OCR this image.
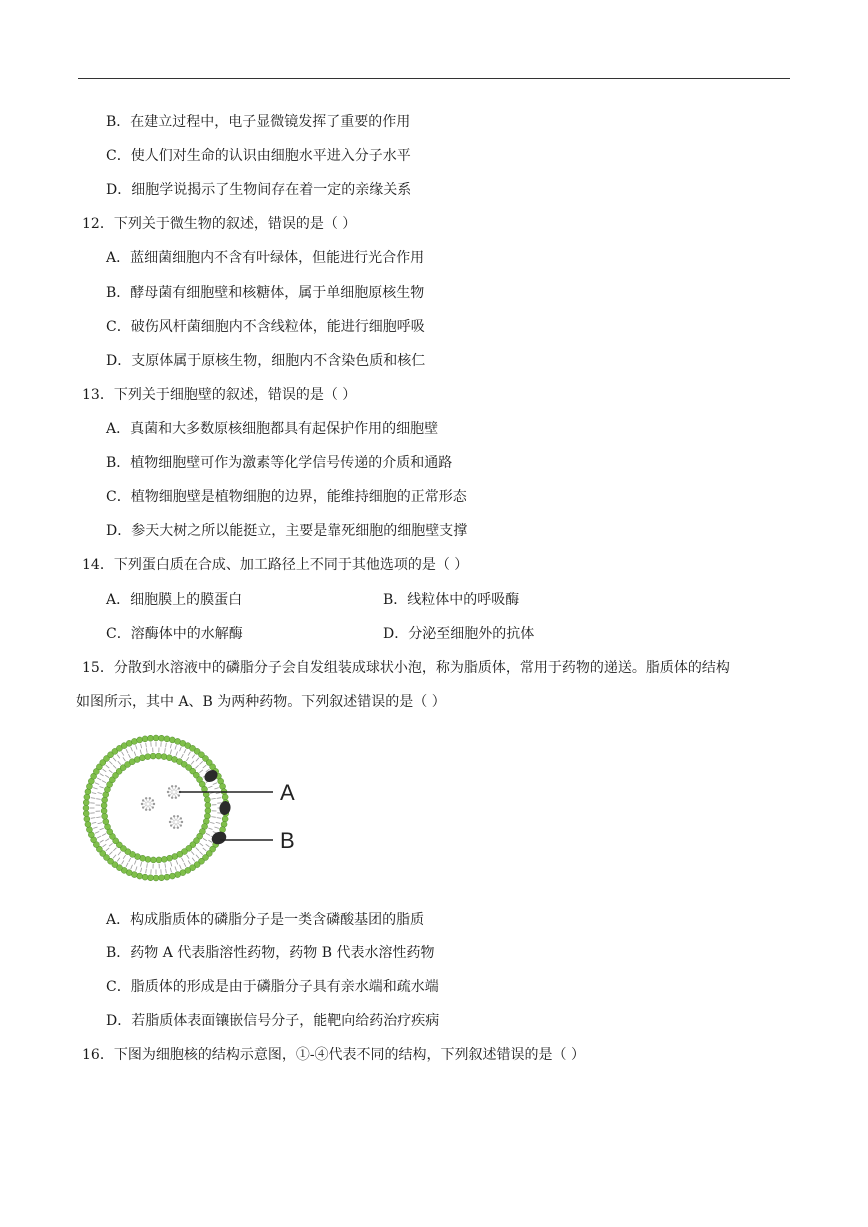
B．在建立过程中，电子显微镜发挥了重要的作用
C．使人们对生命的认识由细胞水平进入分子水平
D．细胞学说揭示了生物间存在着一定的亲缘关系
12．下列关于微生物的叙述，错误的是（ ）
A．蓝细菌细胞内不含有叶绿体，但能进行光合作用
B．酵母菌有细胞壁和核糖体，属于单细胞原核生物
C．破伤风杆菌细胞内不含线粒体，能进行细胞呼吸
D．支原体属于原核生物，细胞内不含染色质和核仁
13．下列关于细胞壁的叙述，错误的是（ ）
A．真菌和大多数原核细胞都具有起保护作用的细胞壁
B．植物细胞壁可作为激素等化学信号传递的介质和通路
C．植物细胞壁是植物细胞的边界，能维持细胞的正常形态
D．参天大树之所以能挺立，主要是靠死细胞的细胞壁支撑
14．下列蛋白质在合成、加工路径上不同于其他选项的是（ ）
A．细胞膜上的膜蛋白	B．线粒体中的呼吸酶
C．溶酶体中的水解酶	D．分泌至细胞外的抗体
15．分散到水溶液中的磷脂分子会自发组装成球状小泡，称为脂质体，常用于药物的递送。脂质体的结构
如图所示，其中 A、B 为两种药物。下列叙述错误的是（ ）
A
B
A．构成脂质体的磷脂分子是一类含磷酸基团的脂质
B．药物 A 代表脂溶性药物，药物 B 代表水溶性药物
C．脂质体的形成是由于磷脂分子具有亲水端和疏水端
D．若脂质体表面镶嵌信号分子，能靶向给药治疗疾病
16．下图为细胞核的结构示意图，①-④代表不同的结构，下列叙述错误的是（ ）
